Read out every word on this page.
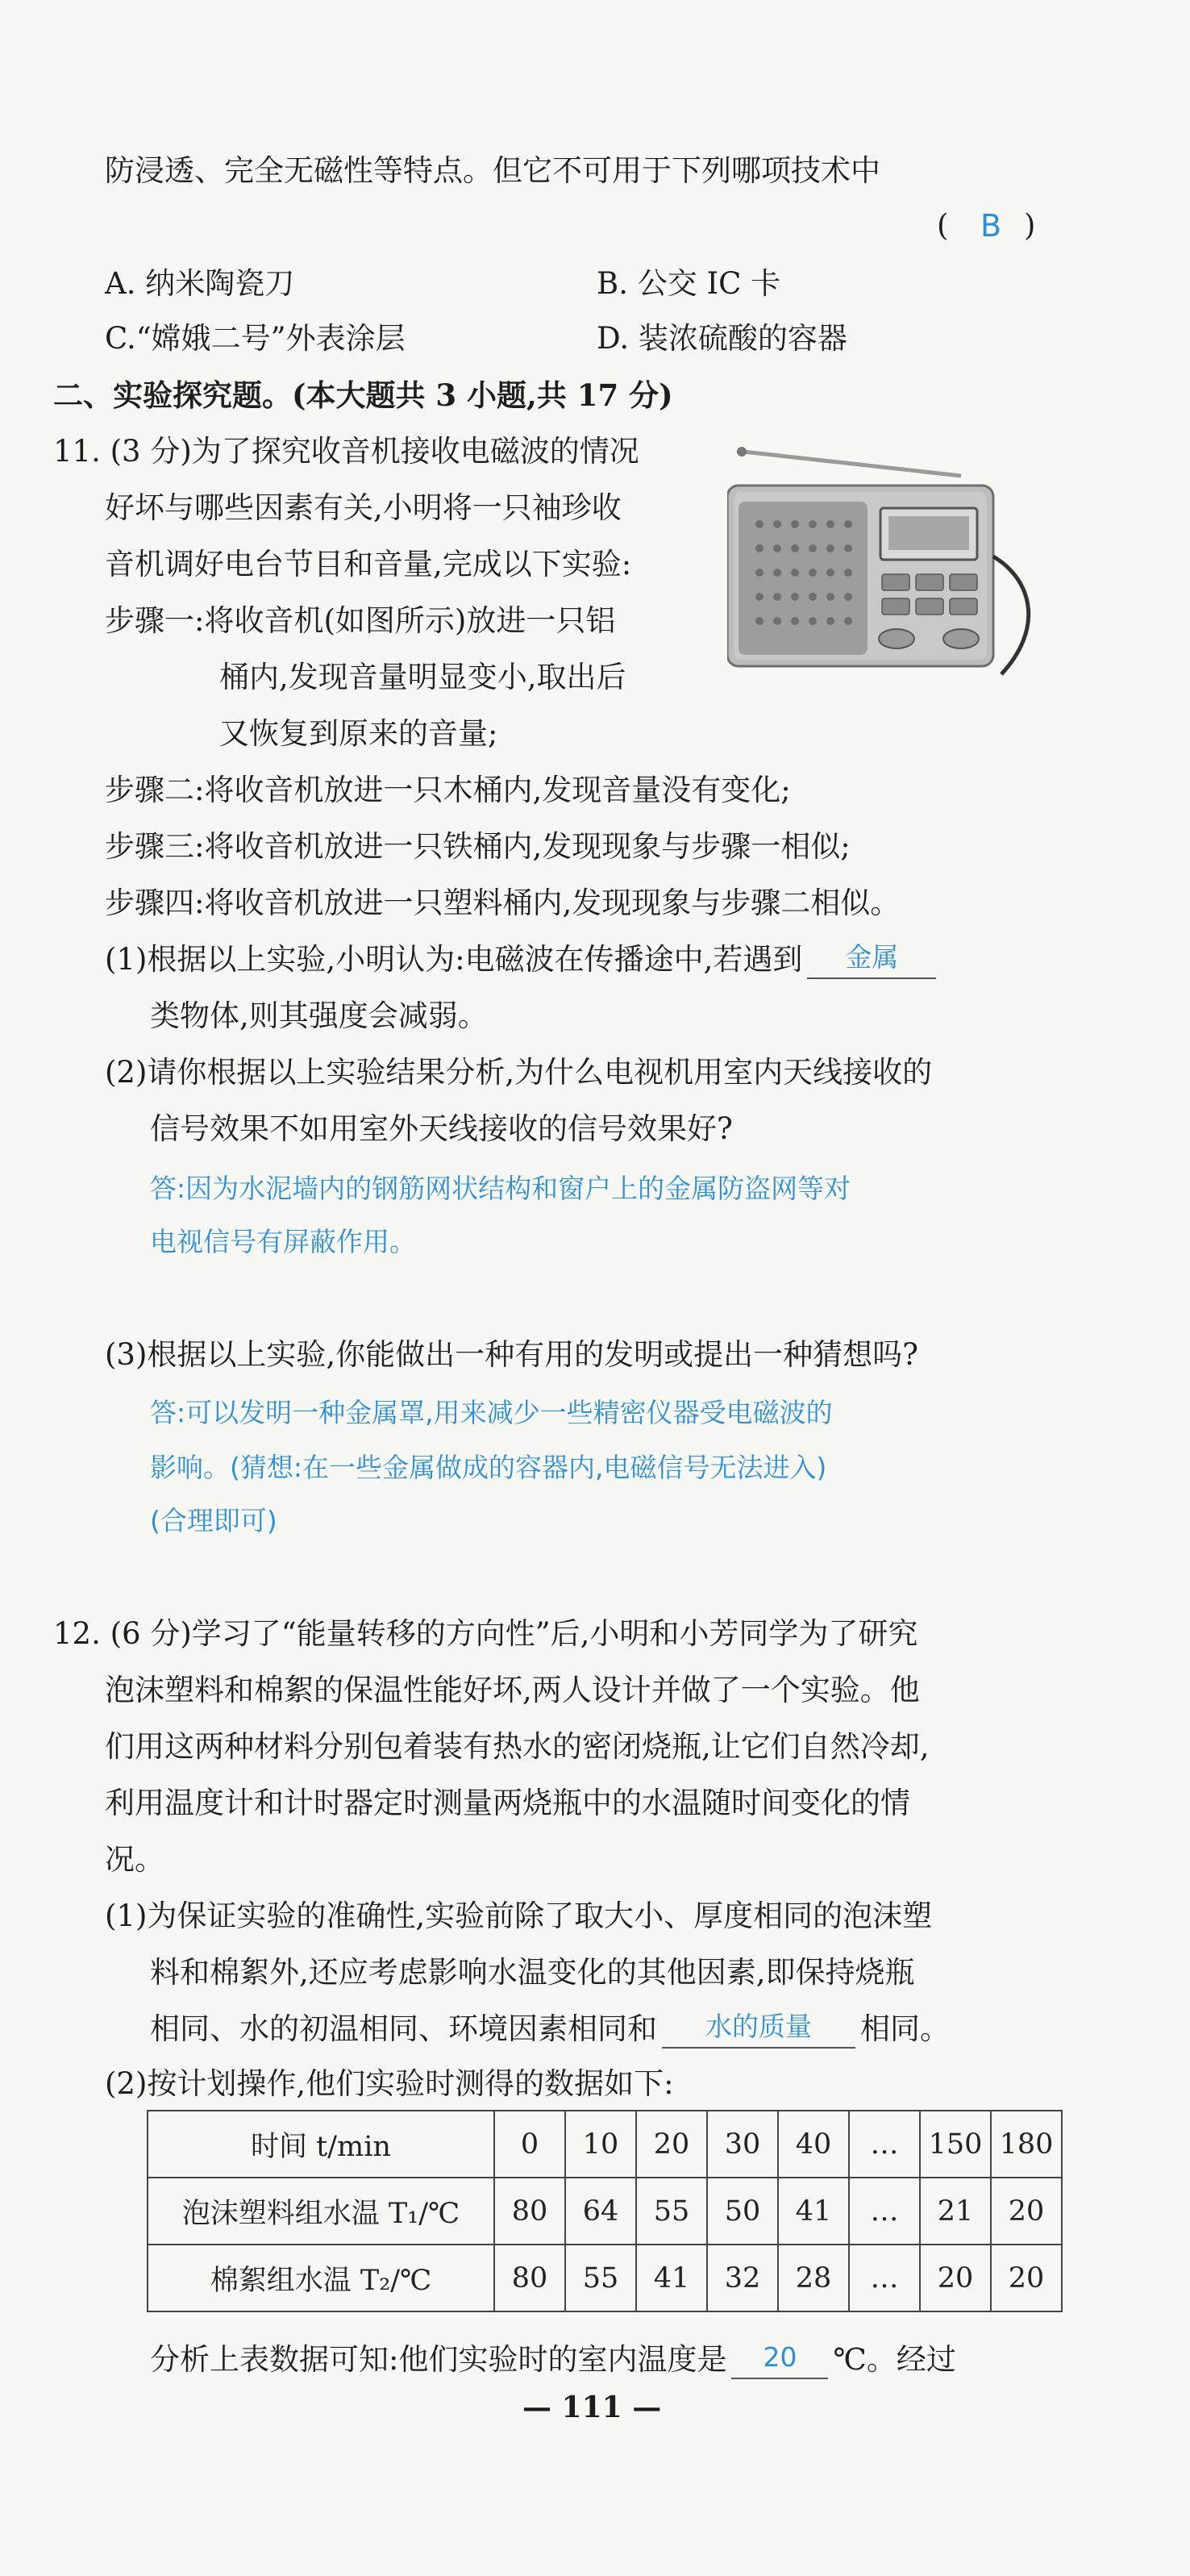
防浸透、完全无磁性等特点。但它不可用于下列哪项技术中
( B )
A. 纳米陶瓷刀	B. 公交 IC 卡
C.“嫦娥二号”外表涂层	D. 装浓硫酸的容器
二、实验探究题。(本大题共 3 小题,共 17 分)
11. (3 分)为了探究收音机接收电磁波的情况
好坏与哪些因素有关,小明将一只袖珍收
音机调好电台节目和音量,完成以下实验:
步骤一:将收音机(如图所示)放进一只铝
桶内,发现音量明显变小,取出后
又恢复到原来的音量;
步骤二:将收音机放进一只木桶内,发现音量没有变化;
步骤三:将收音机放进一只铁桶内,发现现象与步骤一相似;
步骤四:将收音机放进一只塑料桶内,发现现象与步骤二相似。
(1)根据以上实验,小明认为:电磁波在传播途中,若遇到 金属
类物体,则其强度会减弱。
(2)请你根据以上实验结果分析,为什么电视机用室内天线接收的
信号效果不如用室外天线接收的信号效果好?
答:因为水泥墙内的钢筋网状结构和窗户上的金属防盗网等对
电视信号有屏蔽作用。
(3)根据以上实验,你能做出一种有用的发明或提出一种猜想吗?
答:可以发明一种金属罩,用来减少一些精密仪器受电磁波的
影响。(猜想:在一些金属做成的容器内,电磁信号无法进入)
(合理即可)
12. (6 分)学习了“能量转移的方向性”后,小明和小芳同学为了研究
泡沫塑料和棉絮的保温性能好坏,两人设计并做了一个实验。他
们用这两种材料分别包着装有热水的密闭烧瓶,让它们自然冷却,
利用温度计和计时器定时测量两烧瓶中的水温随时间变化的情
况。
(1)为保证实验的准确性,实验前除了取大小、厚度相同的泡沫塑
料和棉絮外,还应考虑影响水温变化的其他因素,即保持烧瓶
相同、水的初温相同、环境因素相同和 水的质量 相同。
(2)按计划操作,他们实验时测得的数据如下:
时间 t/min	0	10	20	30	40	…	150	180
泡沫塑料组水温 T₁/℃	80	64	55	50	41	…	21	20
棉絮组水温 T₂/℃	80	55	41	32	28	…	20	20
分析上表数据可知:他们实验时的室内温度是 20 ℃。经过
— 111 —
